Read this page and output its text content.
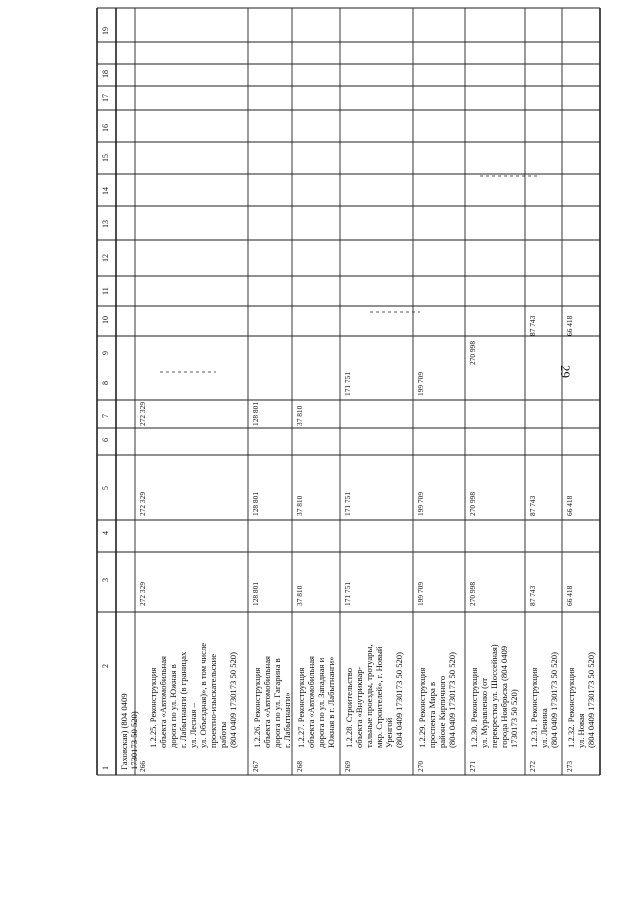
29
1
2
3
4
5
6
7
8
9
10
11
12
13
14
15
16
17
18
19
Гаховская) (804 0409 1730173 50 520) 266
1.2.25. Реконструкция объекта «Автомобильная дорога по ул. Южная в г. Лабытнанги (в границах ул. Лесная – ул. Объездная)», в том числе проектно-изыскательские работы (804 0409 1730173 50 520)
272 329
272 329
272 329
267
1.2.26. Реконструкция объекта «Автомобильная дорога по ул. Гагарина в г. Лабытнанги»
128 801
128 801
128 801
268
1.2.27. Реконструкция объекта «Автомобильная дорога по ул. Западная и Южная в г. Лабытнанги»
37 810
37 810
37 810
269
1.2.28. Строительство объекта «Внутриквар- тальные проезды, тротуары, мкр. Строителей», г. Новый Уренгой (804 0409 1730173 50 520)
171 751
171 751
171 751
270
1.2.29. Реконструкция проспекта Мира в районе Кирпичного (804 0409 1730173 50 520)
199 709
199 709
199 709
271
1.2.30. Реконструкция ул. Муравленко (от перекрестка ул. Шоссейная) города Ноябрьска (804 0409 1730173 50 520)
270 998
270 998
270 998
272
1.2.31. Реконструкция ул. Ленина (804 0409 1730173 50 520)
87 743
87 743
87 743
273
1.2.32. Реконструкция ул. Новая (804 0409 1730173 50 520)
66 418
66 418
66 418
